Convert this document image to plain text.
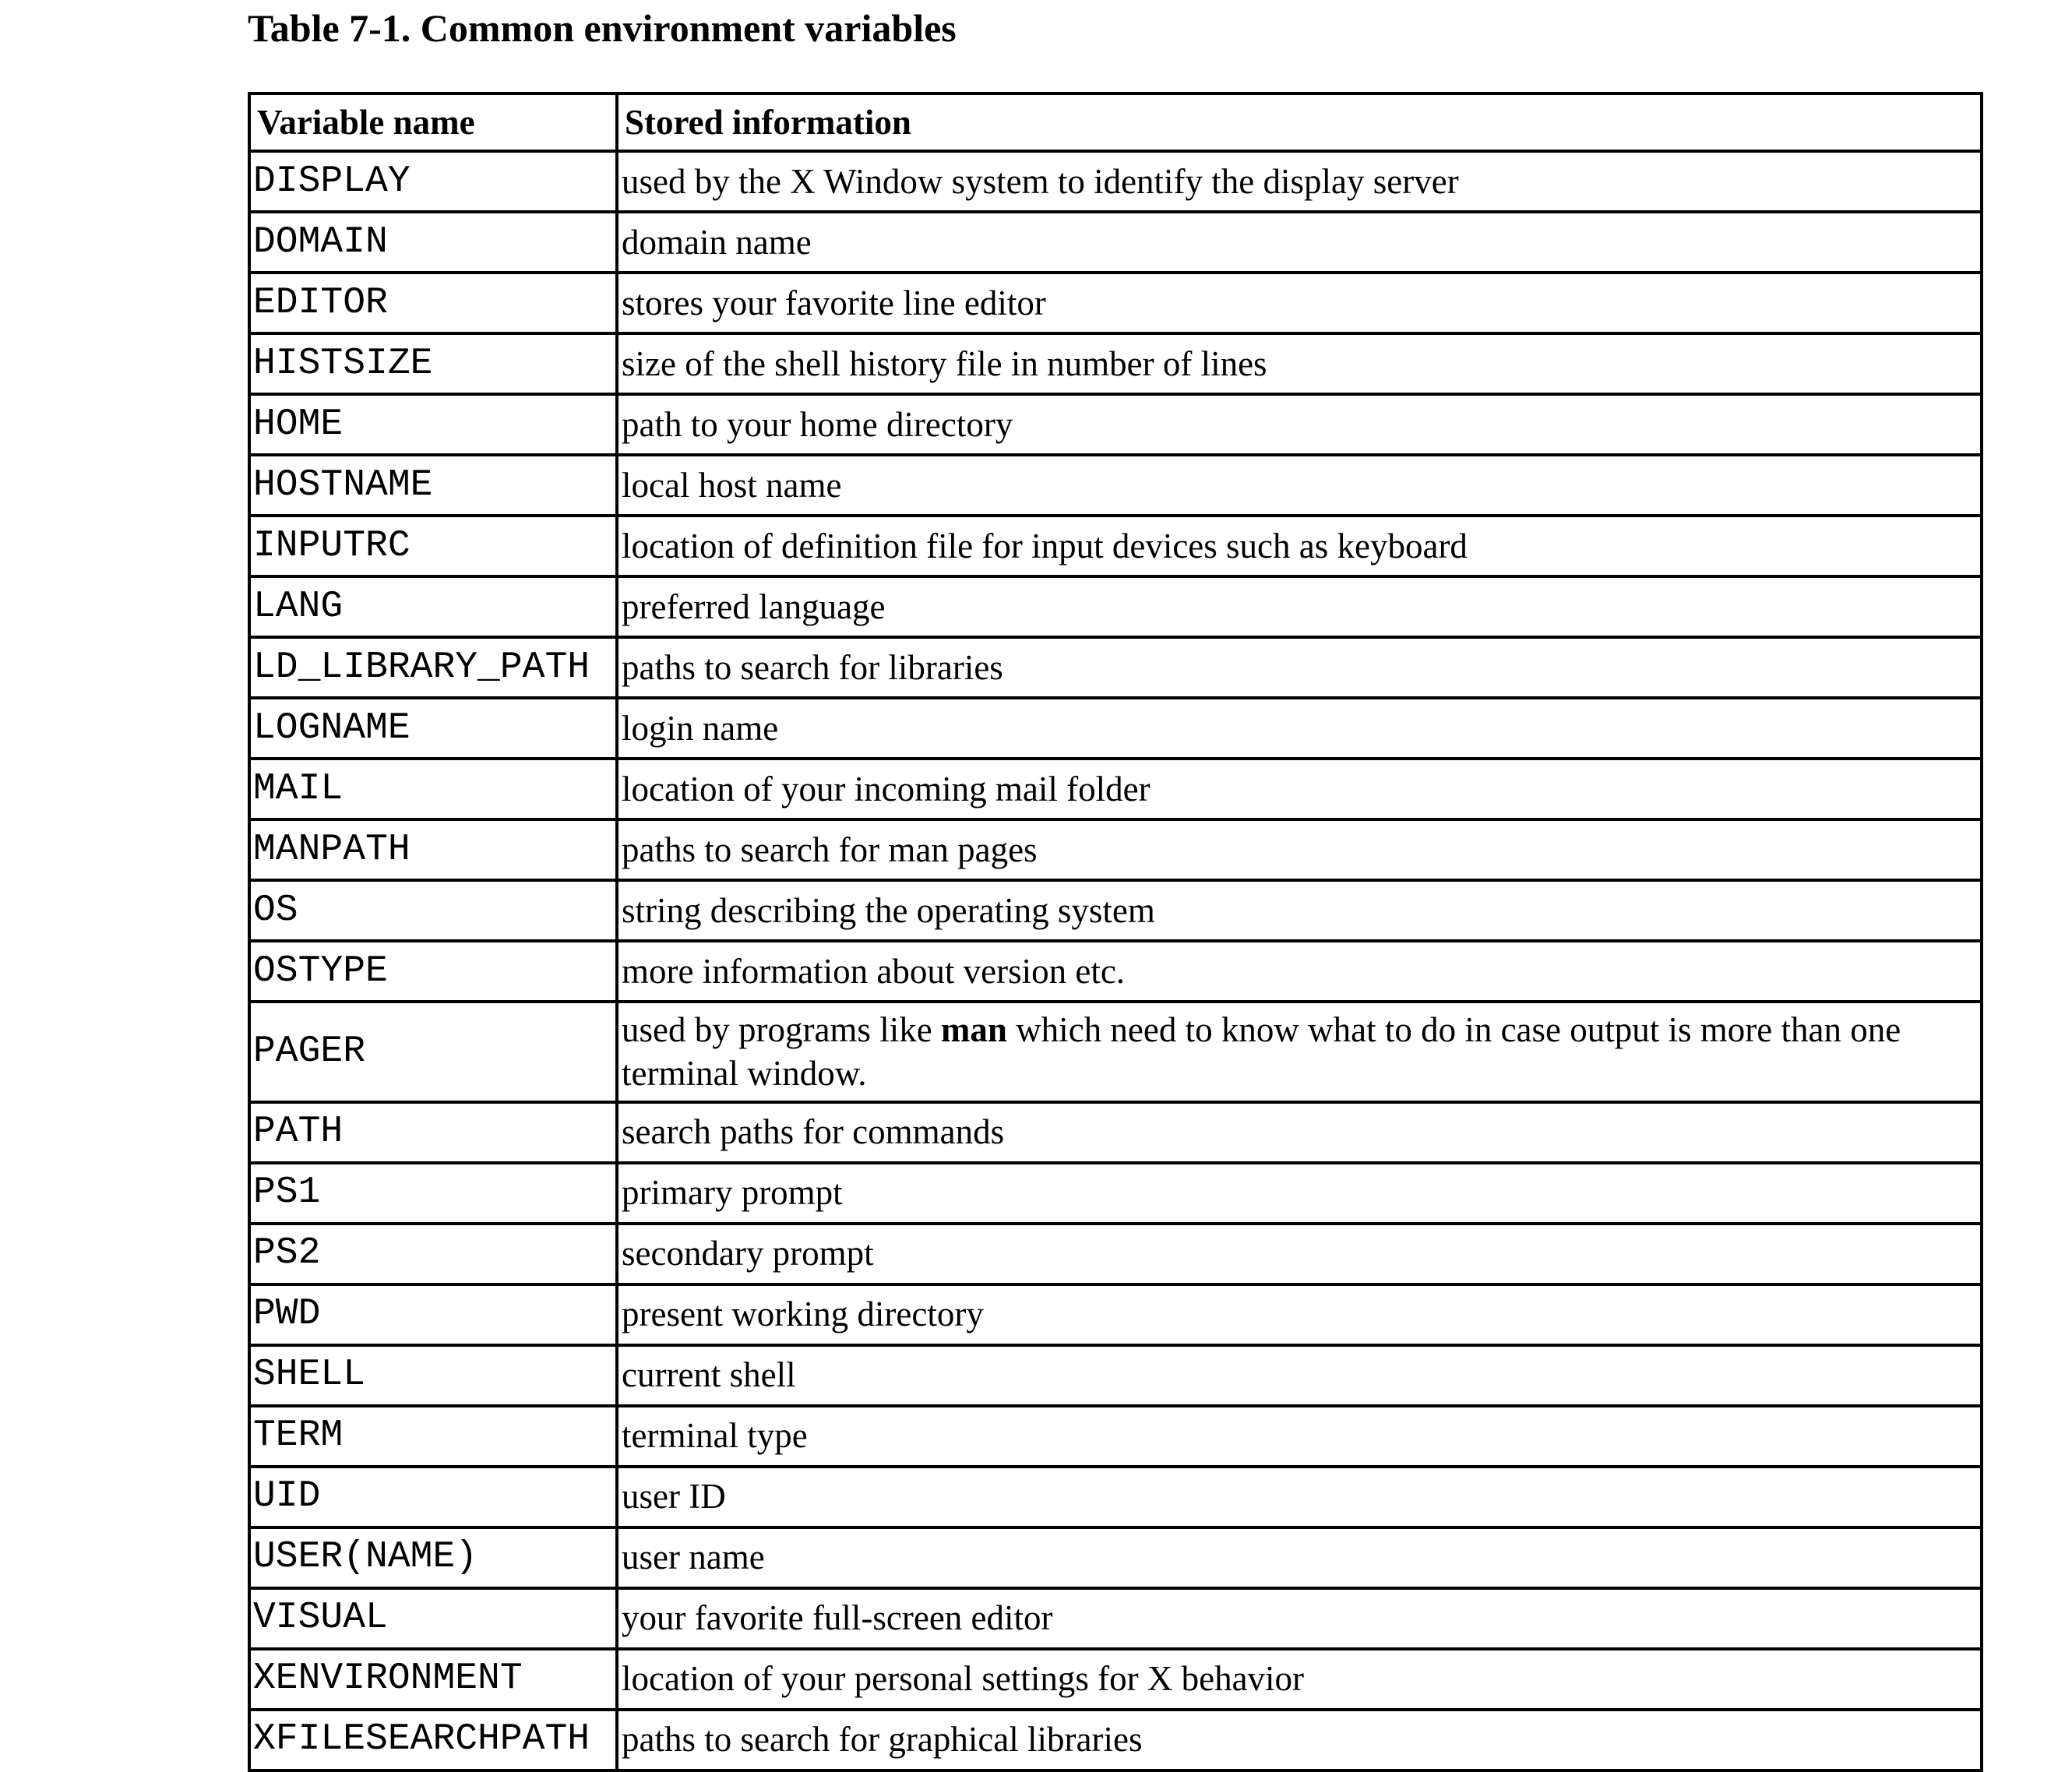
Table 7-1. Common environment variables
Variable name	Stored information
DISPLAY	used by the X Window system to identify the display server
DOMAIN	domain name
EDITOR	stores your favorite line editor
HISTSIZE	size of the shell history file in number of lines
HOME	path to your home directory
HOSTNAME	local host name
INPUTRC	location of definition file for input devices such as keyboard
LANG	preferred language
LD_LIBRARY_PATH	paths to search for libraries
LOGNAME	login name
MAIL	location of your incoming mail folder
MANPATH	paths to search for man pages
OS	string describing the operating system
OSTYPE	more information about version etc.
PAGER	used by programs like man which need to know what to do in case output is more than one terminal window.
PATH	search paths for commands
PS1	primary prompt
PS2	secondary prompt
PWD	present working directory
SHELL	current shell
TERM	terminal type
UID	user ID
USER(NAME)	user name
VISUAL	your favorite full-screen editor
XENVIRONMENT	location of your personal settings for X behavior
XFILESEARCHPATH	paths to search for graphical libraries
